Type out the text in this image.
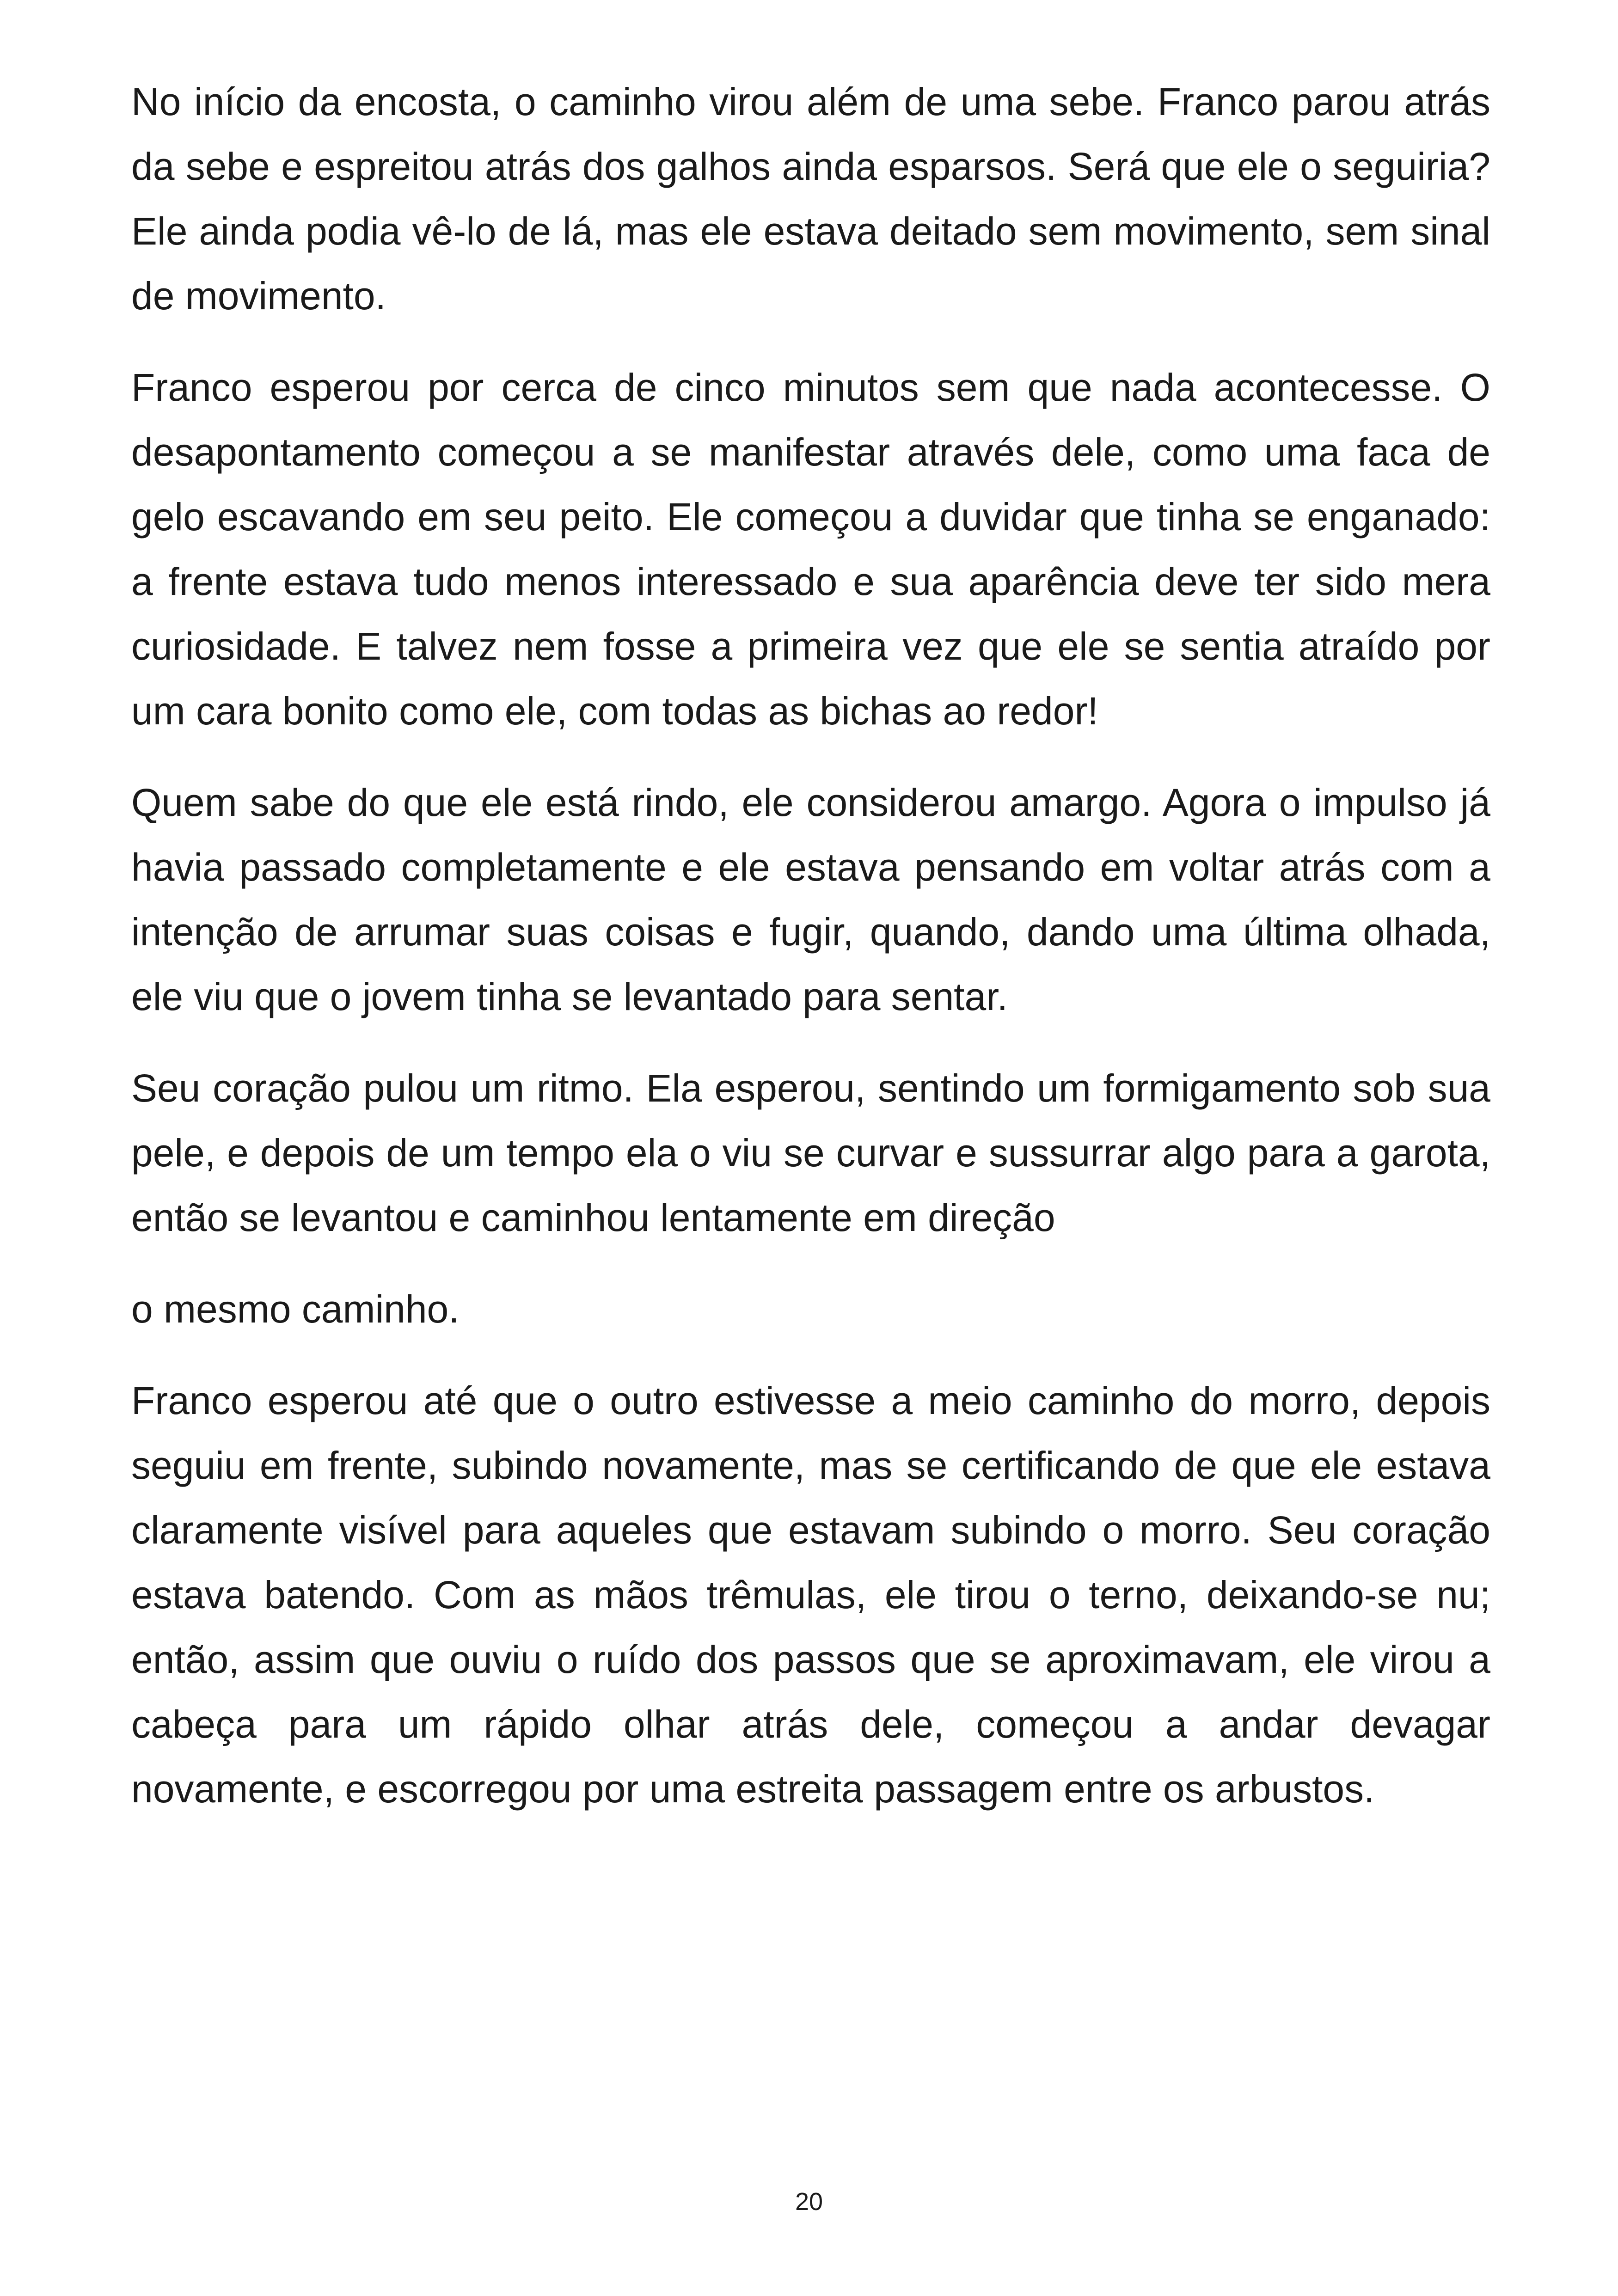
No início da encosta, o caminho virou além de uma sebe. Franco parou atrás da sebe e espreitou atrás dos galhos ainda esparsos. Será que ele o seguiria? Ele ainda podia vê-lo de lá, mas ele estava deitado sem movimento, sem sinal de movimento.

Franco esperou por cerca de cinco minutos sem que nada acontecesse. O desapontamento começou a se manifestar através dele, como uma faca de gelo escavando em seu peito. Ele começou a duvidar que tinha se enganado: a frente estava tudo menos interessado e sua aparência deve ter sido mera curiosidade. E talvez nem fosse a primeira vez que ele se sentia atraído por um cara bonito como ele, com todas as bichas ao redor!

Quem sabe do que ele está rindo, ele considerou amargo. Agora o impulso já havia passado completamente e ele estava pensando em voltar atrás com a intenção de arrumar suas coisas e fugir, quando, dando uma última olhada, ele viu que o jovem tinha se levantado para sentar.

Seu coração pulou um ritmo. Ela esperou, sentindo um formigamento sob sua pele, e depois de um tempo ela o viu se curvar e sussurrar algo para a garota, então se levantou e caminhou lentamente em direção

o mesmo caminho.

Franco esperou até que o outro estivesse a meio caminho do morro, depois seguiu em frente, subindo novamente, mas se certificando de que ele estava claramente visível para aqueles que estavam subindo o morro. Seu coração estava batendo. Com as mãos trêmulas, ele tirou o terno, deixando-se nu; então, assim que ouviu o ruído dos passos que se aproximavam, ele virou a cabeça para um rápido olhar atrás dele, começou a andar devagar novamente, e escorregou por uma estreita passagem entre os arbustos.

20
